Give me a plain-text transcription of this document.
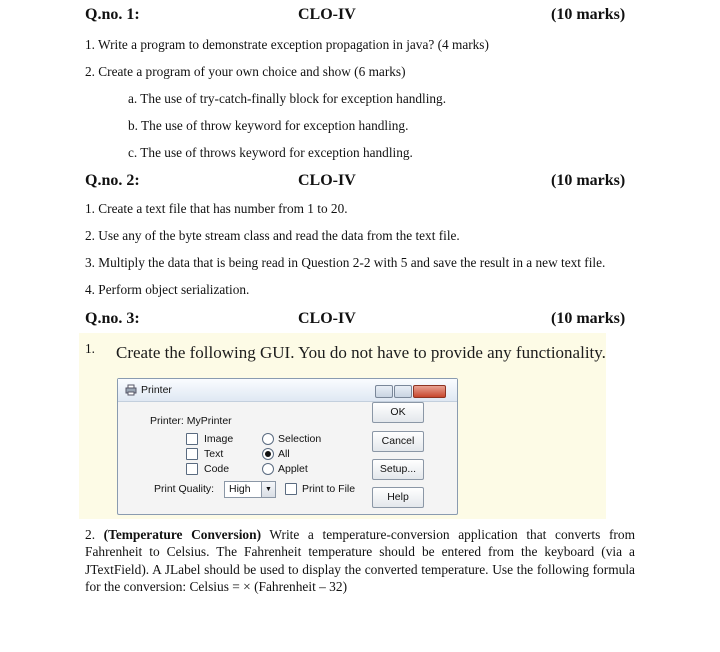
Q.no. 1:	CLO-IV	(10 marks)
1. Write a program to demonstrate exception propagation in java? (4 marks)
2. Create a program of your own choice and show (6 marks)
a. The use of try-catch-finally block for exception handling.
b. The use of throw keyword for exception handling.
c. The use of throws keyword for exception handling.
Q.no. 2:	CLO-IV	(10 marks)
1. Create a text file that has number from 1 to 20.
2. Use any of the byte stream class and read the data from the text file.
3. Multiply the data that is being read in Question 2-2 with 5 and save the result in a new text file.
4. Perform object serialization.
Q.no. 3:	CLO-IV	(10 marks)
1. Create the following GUI. You do not have to provide any functionality.
Printer
Printer: MyPrinter
Image
Text
Code
Selection
All
Applet
Print Quality: High	▼	Print to File
OK
Cancel
Setup...
Help
2. (Temperature Conversion) Write a temperature-conversion application that converts from Fahrenheit to Celsius. The Fahrenheit temperature should be entered from the keyboard (via a JTextField). A JLabel should be used to display the converted temperature. Use the following formula for the conversion: Celsius = × (Fahrenheit – 32)
